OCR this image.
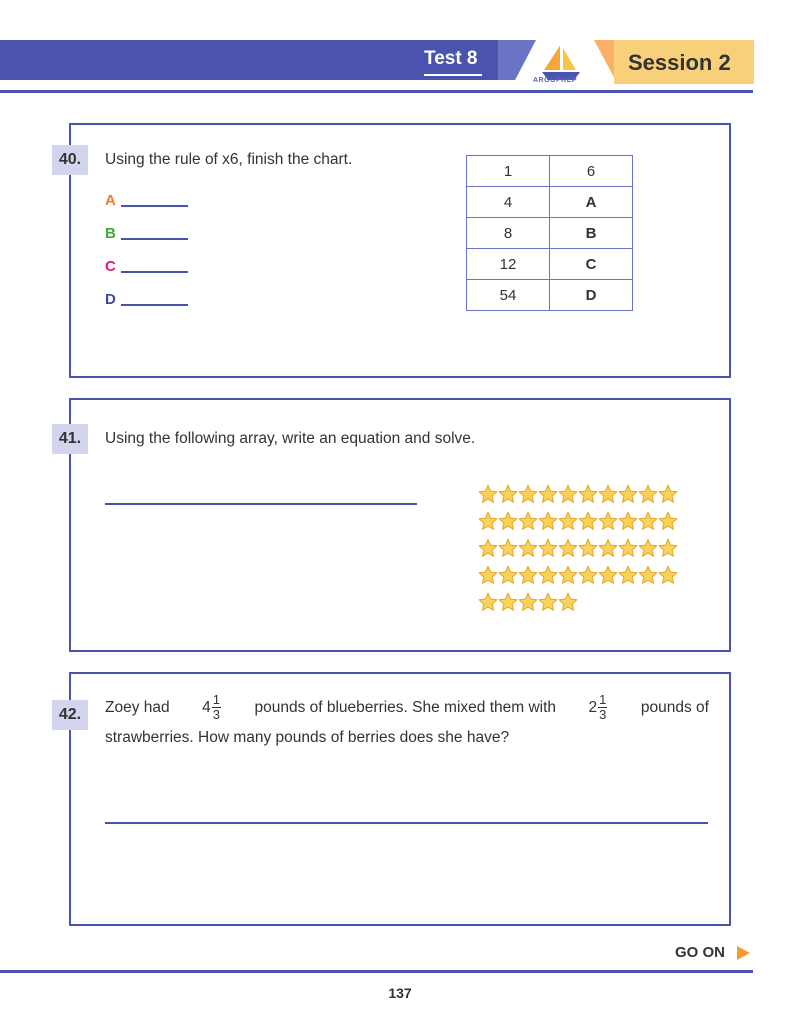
Test 8
ARGOPREP
Session 2
40.	Using the rule of x6, finish the chart.
A
B
C
D
1	6
4	A
8	B
12	C
54	D
41.	Using the following array, write an equation and solve.
42.	Zoey had $4 \frac{1}{3}$ pounds of blueberries. She mixed them with $2 \frac{1}{3}$ pounds of
strawberries. How many pounds of berries does she have?
GO ON
137
